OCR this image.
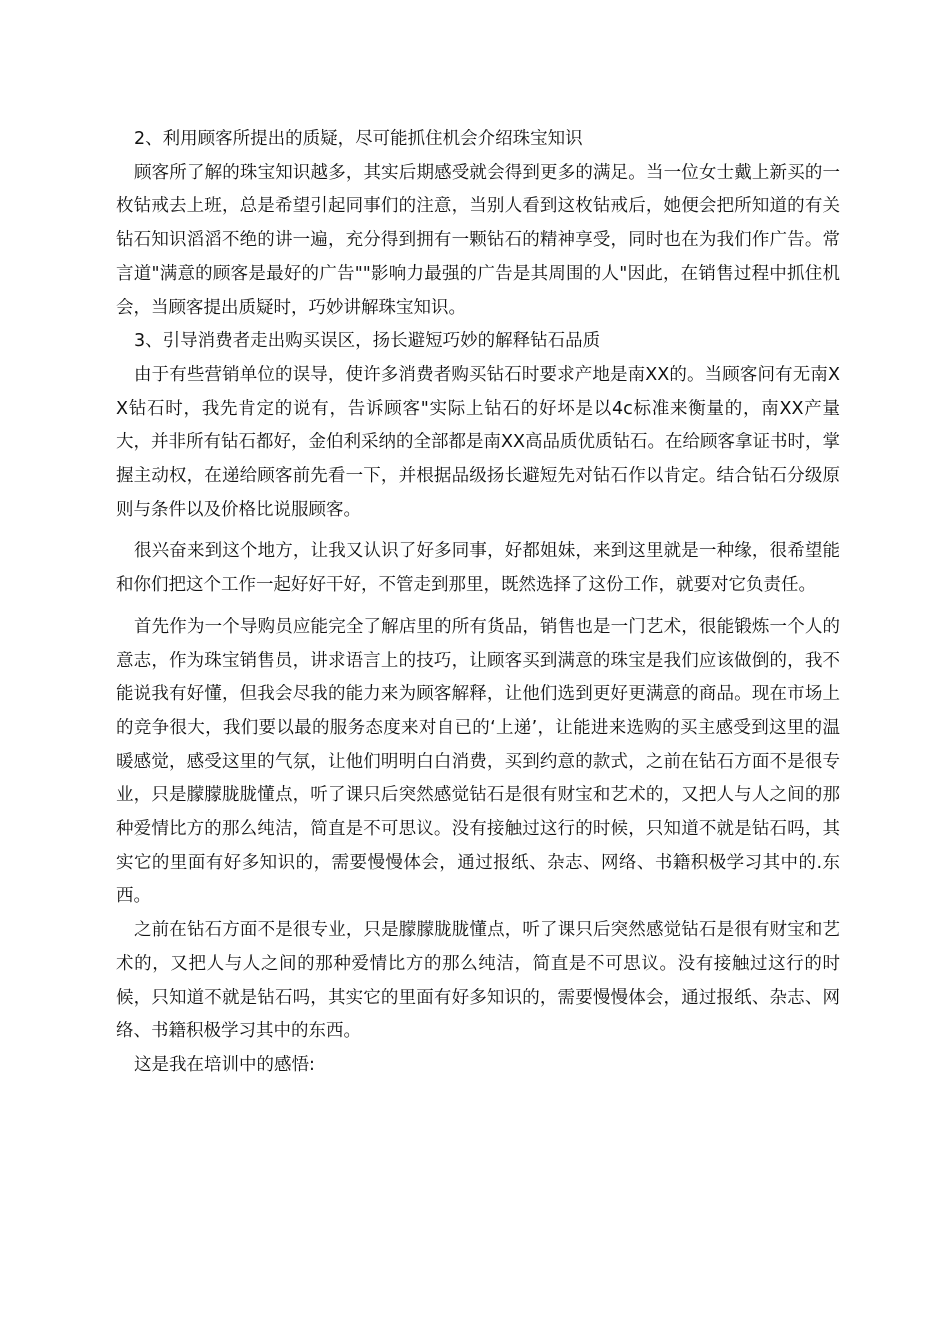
2、利用顾客所提出的质疑，尽可能抓住机会介绍珠宝知识

顾客所了解的珠宝知识越多，其实后期感受就会得到更多的满足。当一位女士戴上新买的一枚钻戒去上班，总是希望引起同事们的注意，当别人看到这枚钻戒后，她便会把所知道的有关钻石知识滔滔不绝的讲一遍，充分得到拥有一颗钻石的精神享受，同时也在为我们作广告。常言道"满意的顾客是最好的广告""影响力最强的广告是其周围的人"因此，在销售过程中抓住机会，当顾客提出质疑时，巧妙讲解珠宝知识。

3、引导消费者走出购买误区，扬长避短巧妙的解释钻石品质

由于有些营销单位的误导，使许多消费者购买钻石时要求产地是南XX的。当顾客问有无南XX钻石时，我先肯定的说有，告诉顾客"实际上钻石的好坏是以4c标准来衡量的，南XX产量大，并非所有钻石都好，金伯利采纳的全部都是南XX高品质优质钻石。在给顾客拿证书时，掌握主动权，在递给顾客前先看一下，并根据品级扬长避短先对钻石作以肯定。结合钻石分级原则与条件以及价格比说服顾客。

很兴奋来到这个地方，让我又认识了好多同事，好都姐妹，来到这里就是一种缘，很希望能和你们把这个工作一起好好干好，不管走到那里，既然选择了这份工作，就要对它负责任。

首先作为一个导购员应能完全了解店里的所有货品，销售也是一门艺术，很能锻炼一个人的意志，作为珠宝销售员，讲求语言上的技巧，让顾客买到满意的珠宝是我们应该做倒的，我不能说我有好懂，但我会尽我的能力来为顾客解释，让他们选到更好更满意的商品。现在市场上的竞争很大，我们要以最的服务态度来对自已的‘上递’，让能进来选购的买主感受到这里的温暖感觉，感受这里的气氛，让他们明明白白消费，买到约意的款式，之前在钻石方面不是很专业，只是朦朦胧胧懂点，听了课只后突然感觉钻石是很有财宝和艺术的，又把人与人之间的那种爱情比方的那么纯洁，简直是不可思议。没有接触过这行的时候，只知道不就是钻石吗，其实它的里面有好多知识的，需要慢慢体会，通过报纸、杂志、网络、书籍积极学习其中的.东西。

之前在钻石方面不是很专业，只是朦朦胧胧懂点，听了课只后突然感觉钻石是很有财宝和艺术的，又把人与人之间的那种爱情比方的那么纯洁，简直是不可思议。没有接触过这行的时候，只知道不就是钻石吗，其实它的里面有好多知识的，需要慢慢体会，通过报纸、杂志、网络、书籍积极学习其中的东西。

这是我在培训中的感悟:
